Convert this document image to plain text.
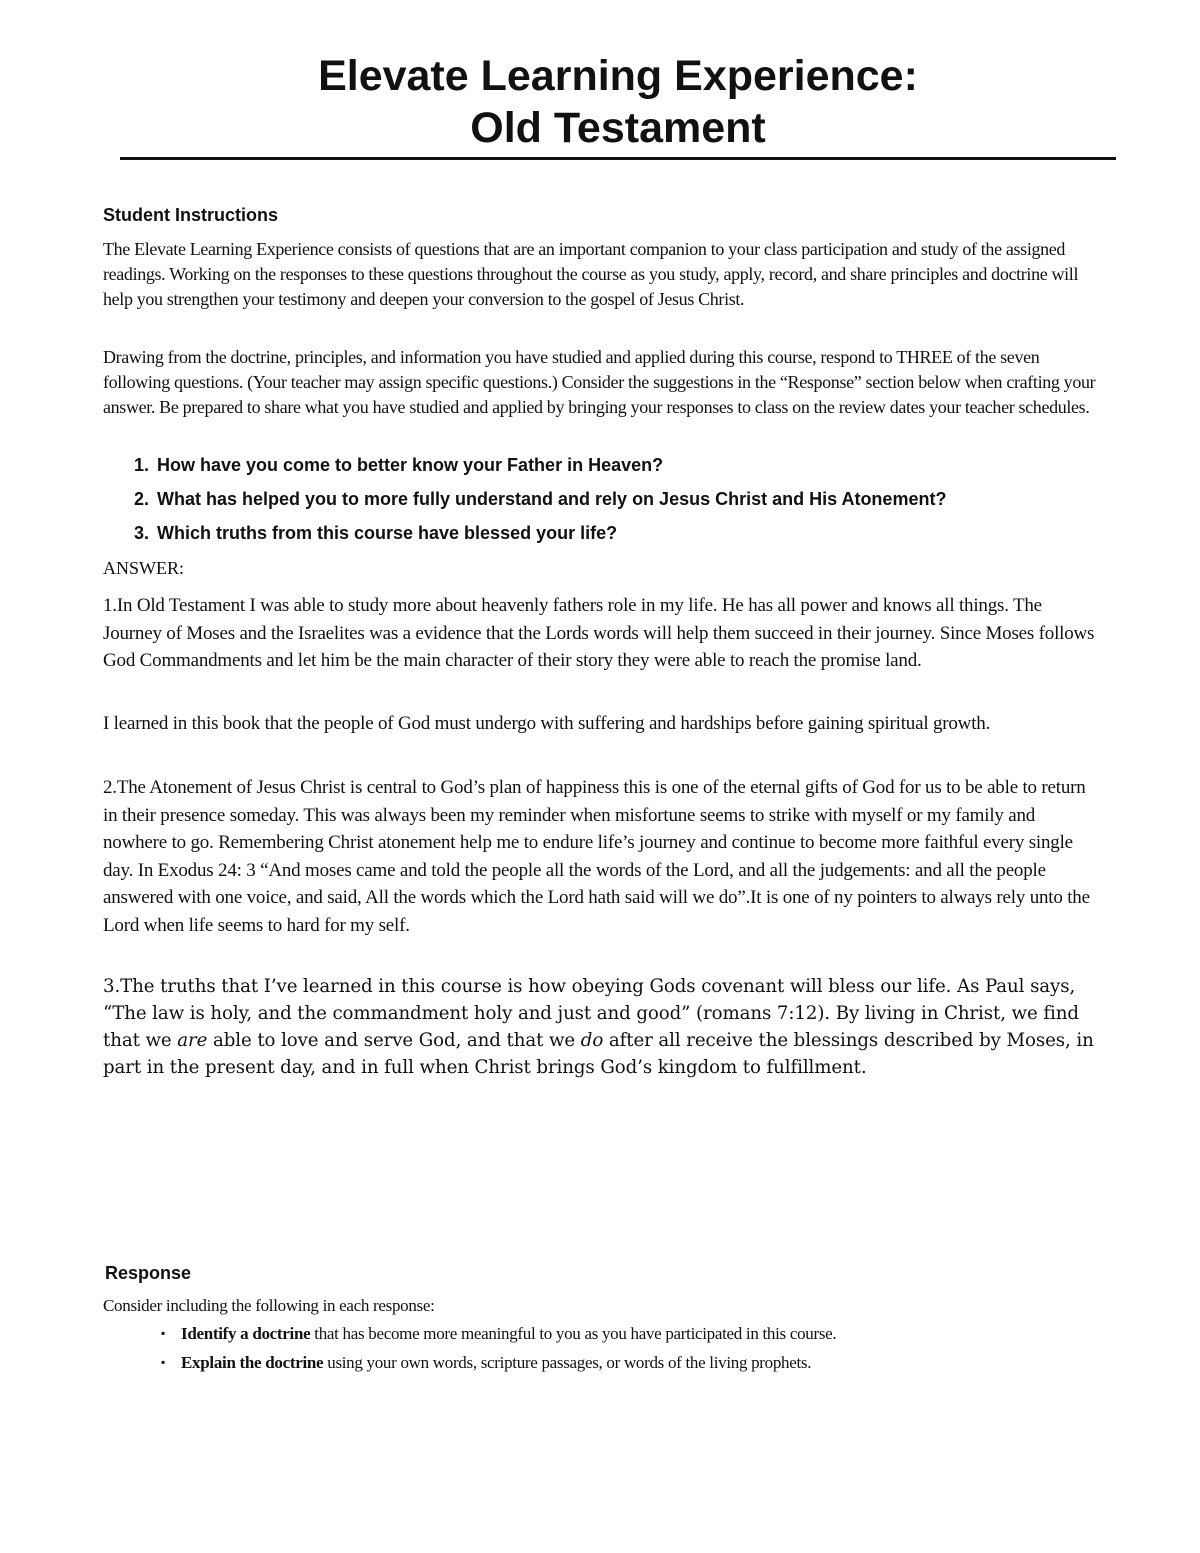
Elevate Learning Experience:
Old Testament
Student Instructions

The Elevate Learning Experience consists of questions that are an important companion to your class participation and study of the assigned readings. Working on the responses to these questions throughout the course as you study, apply, record, and share principles and doctrine will help you strengthen your testimony and deepen your conversion to the gospel of Jesus Christ.

Drawing from the doctrine, principles, and information you have studied and applied during this course, respond to THREE of the seven following questions. (Your teacher may assign specific questions.) Consider the suggestions in the “Response” section below when crafting your answer. Be prepared to share what you have studied and applied by bringing your responses to class on the review dates your teacher schedules.

1. How have you come to better know your Father in Heaven?
2. What has helped you to more fully understand and rely on Jesus Christ and His Atonement?
3. Which truths from this course have blessed your life?

ANSWER:

1.In Old Testament I was able to study more about heavenly fathers role in my life. He has all power and knows all things. The Journey of Moses and the Israelites was a evidence that the Lords words will help them succeed in their journey. Since Moses follows God Commandments and let him be the main character of their story they were able to reach the promise land.

I learned in this book that the people of God must undergo with suffering and hardships before gaining spiritual growth.

2.The Atonement of Jesus Christ is central to God’s plan of happiness this is one of the eternal gifts of God for us to be able to return in their presence someday. This was always been my reminder when misfortune seems to strike with myself or my family and nowhere to go. Remembering Christ atonement help me to endure life’s journey and continue to become more faithful every single day. In Exodus 24: 3 “And moses came and told the people all the words of the Lord, and all the judgements: and all the people answered with one voice, and said, All the words which the Lord hath said will we do”.It is one of ny pointers to always rely unto the Lord when life seems to hard for my self.

3.The truths that I’ve learned in this course is how obeying Gods covenant will bless our life. As Paul says, “The law is holy, and the commandment holy and just and good” (romans 7:12). By living in Christ, we find that we are able to love and serve God, and that we do after all receive the blessings described by Moses, in part in the present day, and in full when Christ brings God’s kingdom to fulfillment.

Response

Consider including the following in each response:

▪ Identify a doctrine that has become more meaningful to you as you have participated in this course.
▪ Explain the doctrine using your own words, scripture passages, or words of the living prophets.
